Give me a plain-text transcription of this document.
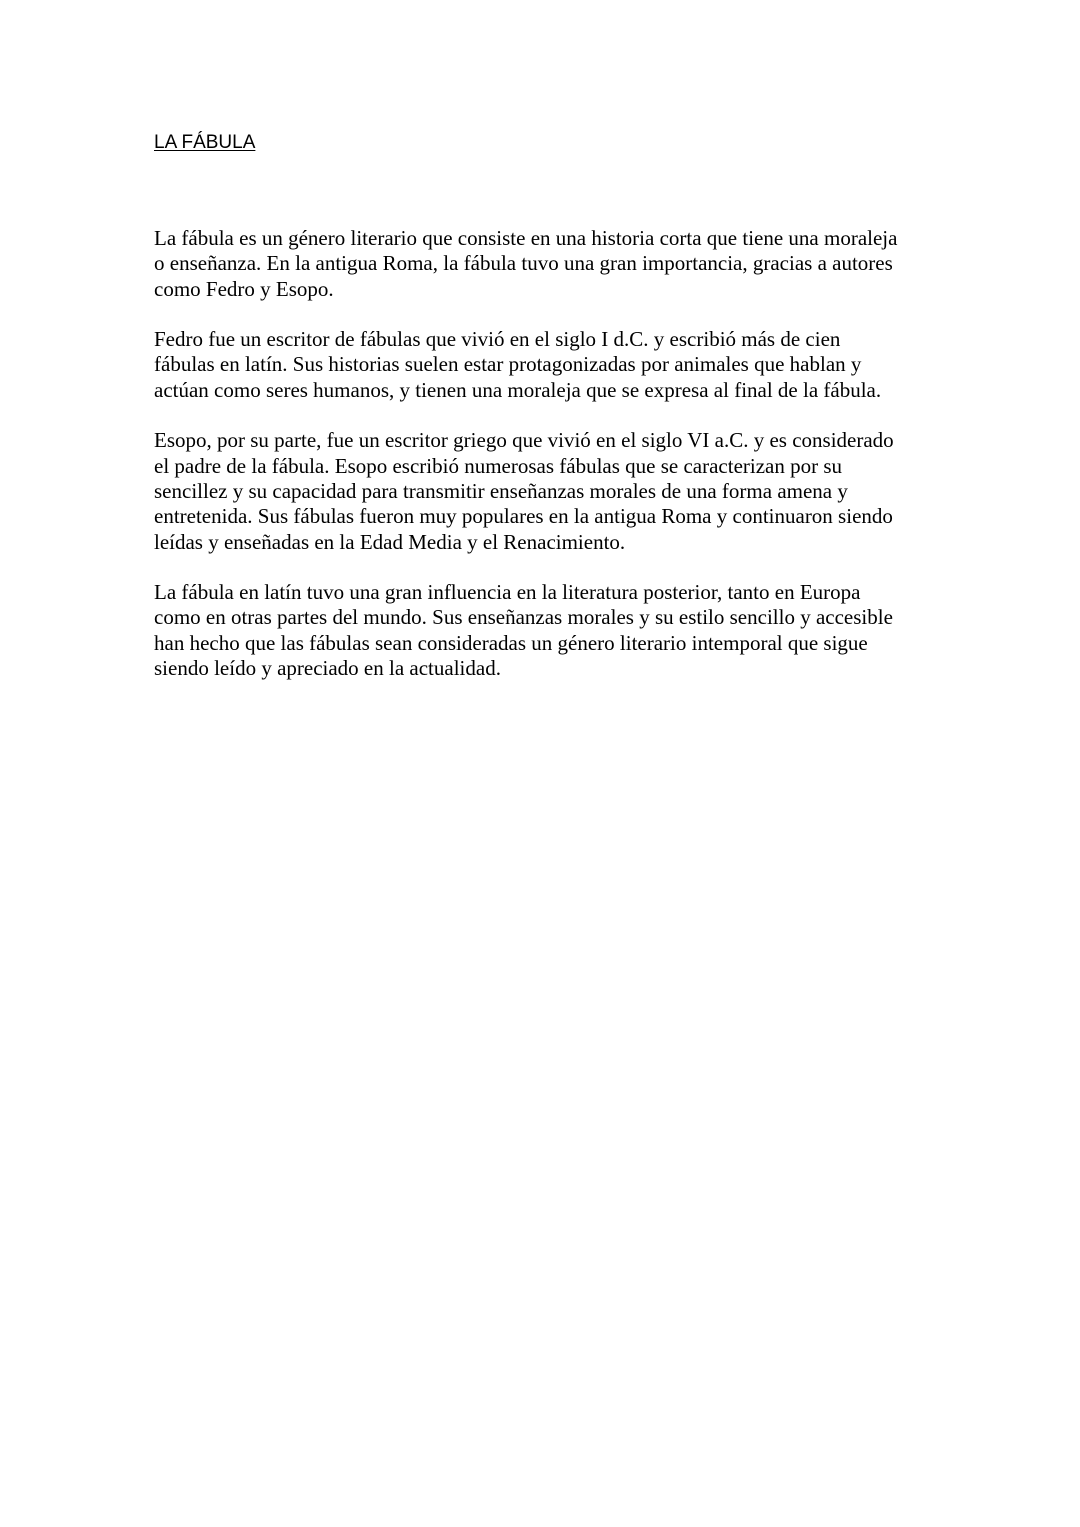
LA FÁBULA

La fábula es un género literario que consiste en una historia corta que tiene una moraleja
o enseñanza. En la antigua Roma, la fábula tuvo una gran importancia, gracias a autores
como Fedro y Esopo.

Fedro fue un escritor de fábulas que vivió en el siglo I d.C. y escribió más de cien
fábulas en latín. Sus historias suelen estar protagonizadas por animales que hablan y
actúan como seres humanos, y tienen una moraleja que se expresa al final de la fábula.

Esopo, por su parte, fue un escritor griego que vivió en el siglo VI a.C. y es considerado
el padre de la fábula. Esopo escribió numerosas fábulas que se caracterizan por su
sencillez y su capacidad para transmitir enseñanzas morales de una forma amena y
entretenida. Sus fábulas fueron muy populares en la antigua Roma y continuaron siendo
leídas y enseñadas en la Edad Media y el Renacimiento.

La fábula en latín tuvo una gran influencia en la literatura posterior, tanto en Europa
como en otras partes del mundo. Sus enseñanzas morales y su estilo sencillo y accesible
han hecho que las fábulas sean consideradas un género literario intemporal que sigue
siendo leído y apreciado en la actualidad.
